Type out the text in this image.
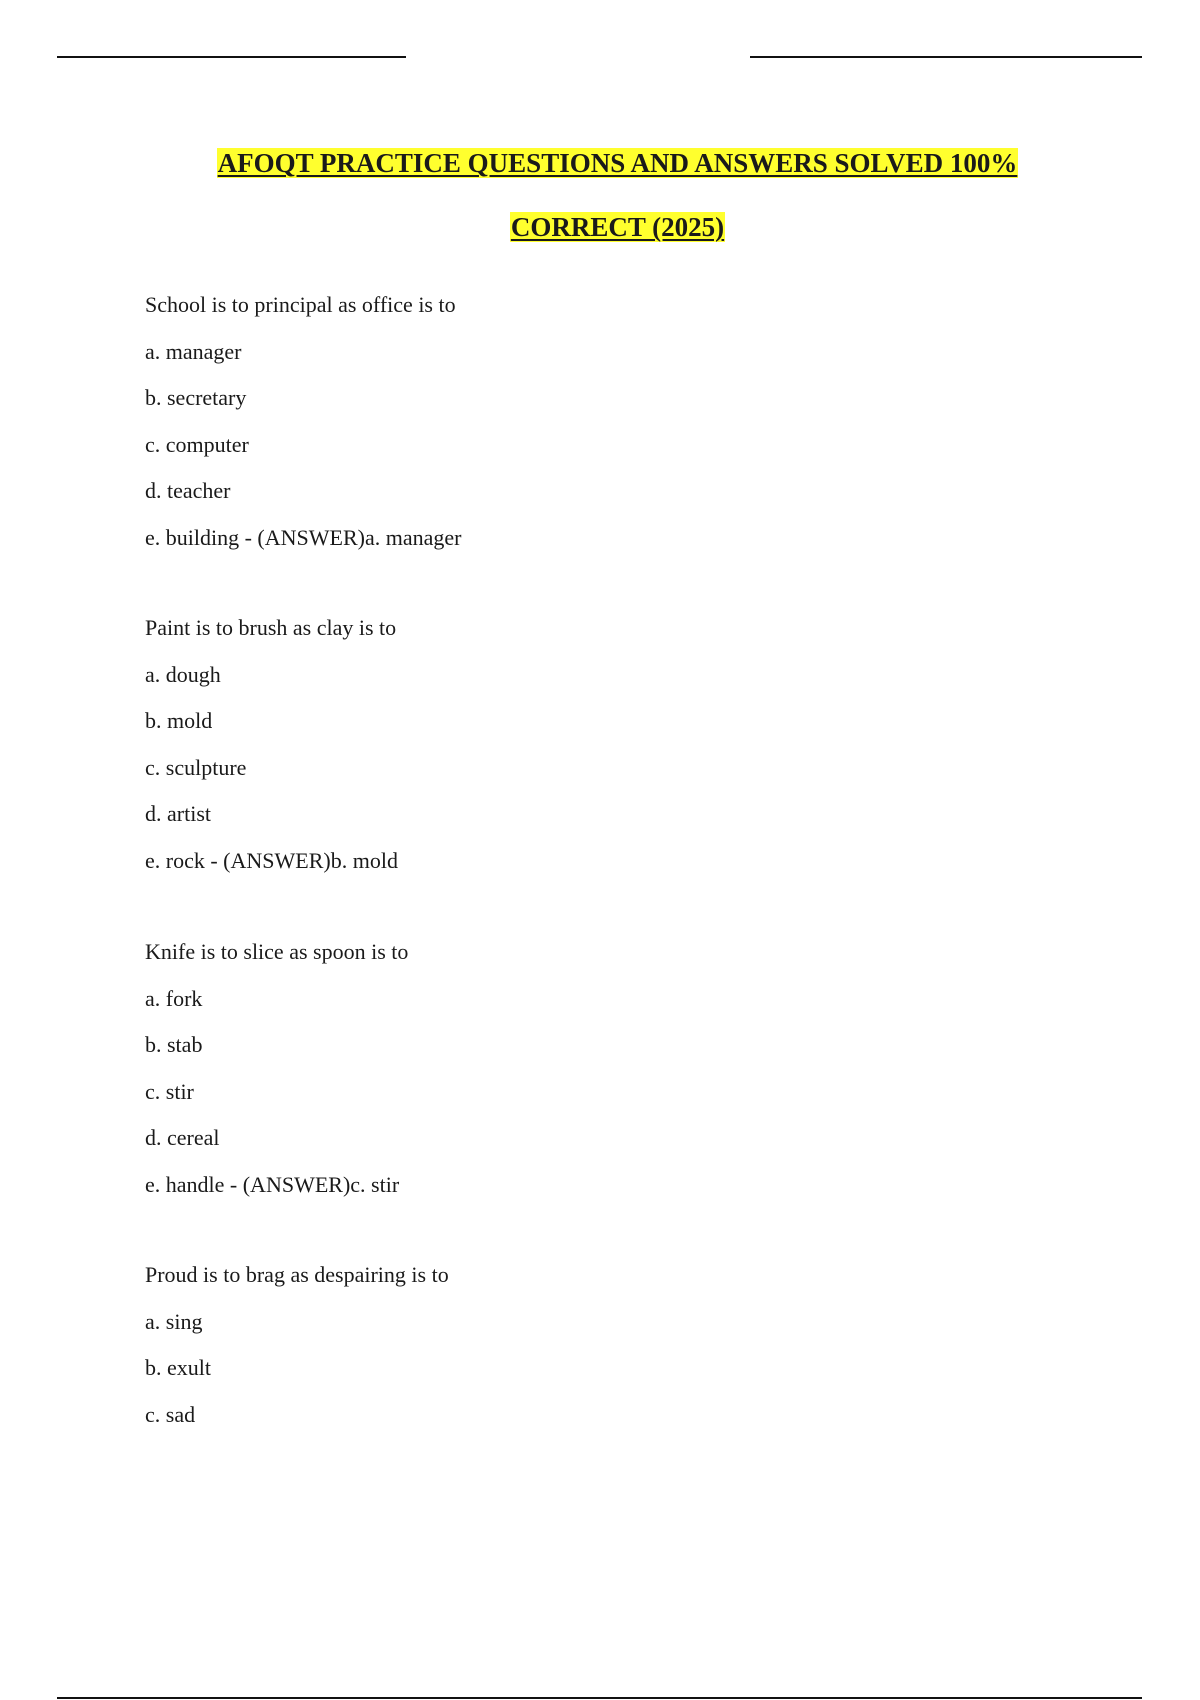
AFOQT PRACTICE QUESTIONS AND ANSWERS SOLVED 100%
CORRECT (2025)
School is to principal as office is to
a. manager
b. secretary
c. computer
d. teacher
e. building - (ANSWER)a. manager
Paint is to brush as clay is to
a. dough
b. mold
c. sculpture
d. artist
e. rock - (ANSWER)b. mold
Knife is to slice as spoon is to
a. fork
b. stab
c. stir
d. cereal
e. handle - (ANSWER)c. stir
Proud is to brag as despairing is to
a. sing
b. exult
c. sad
